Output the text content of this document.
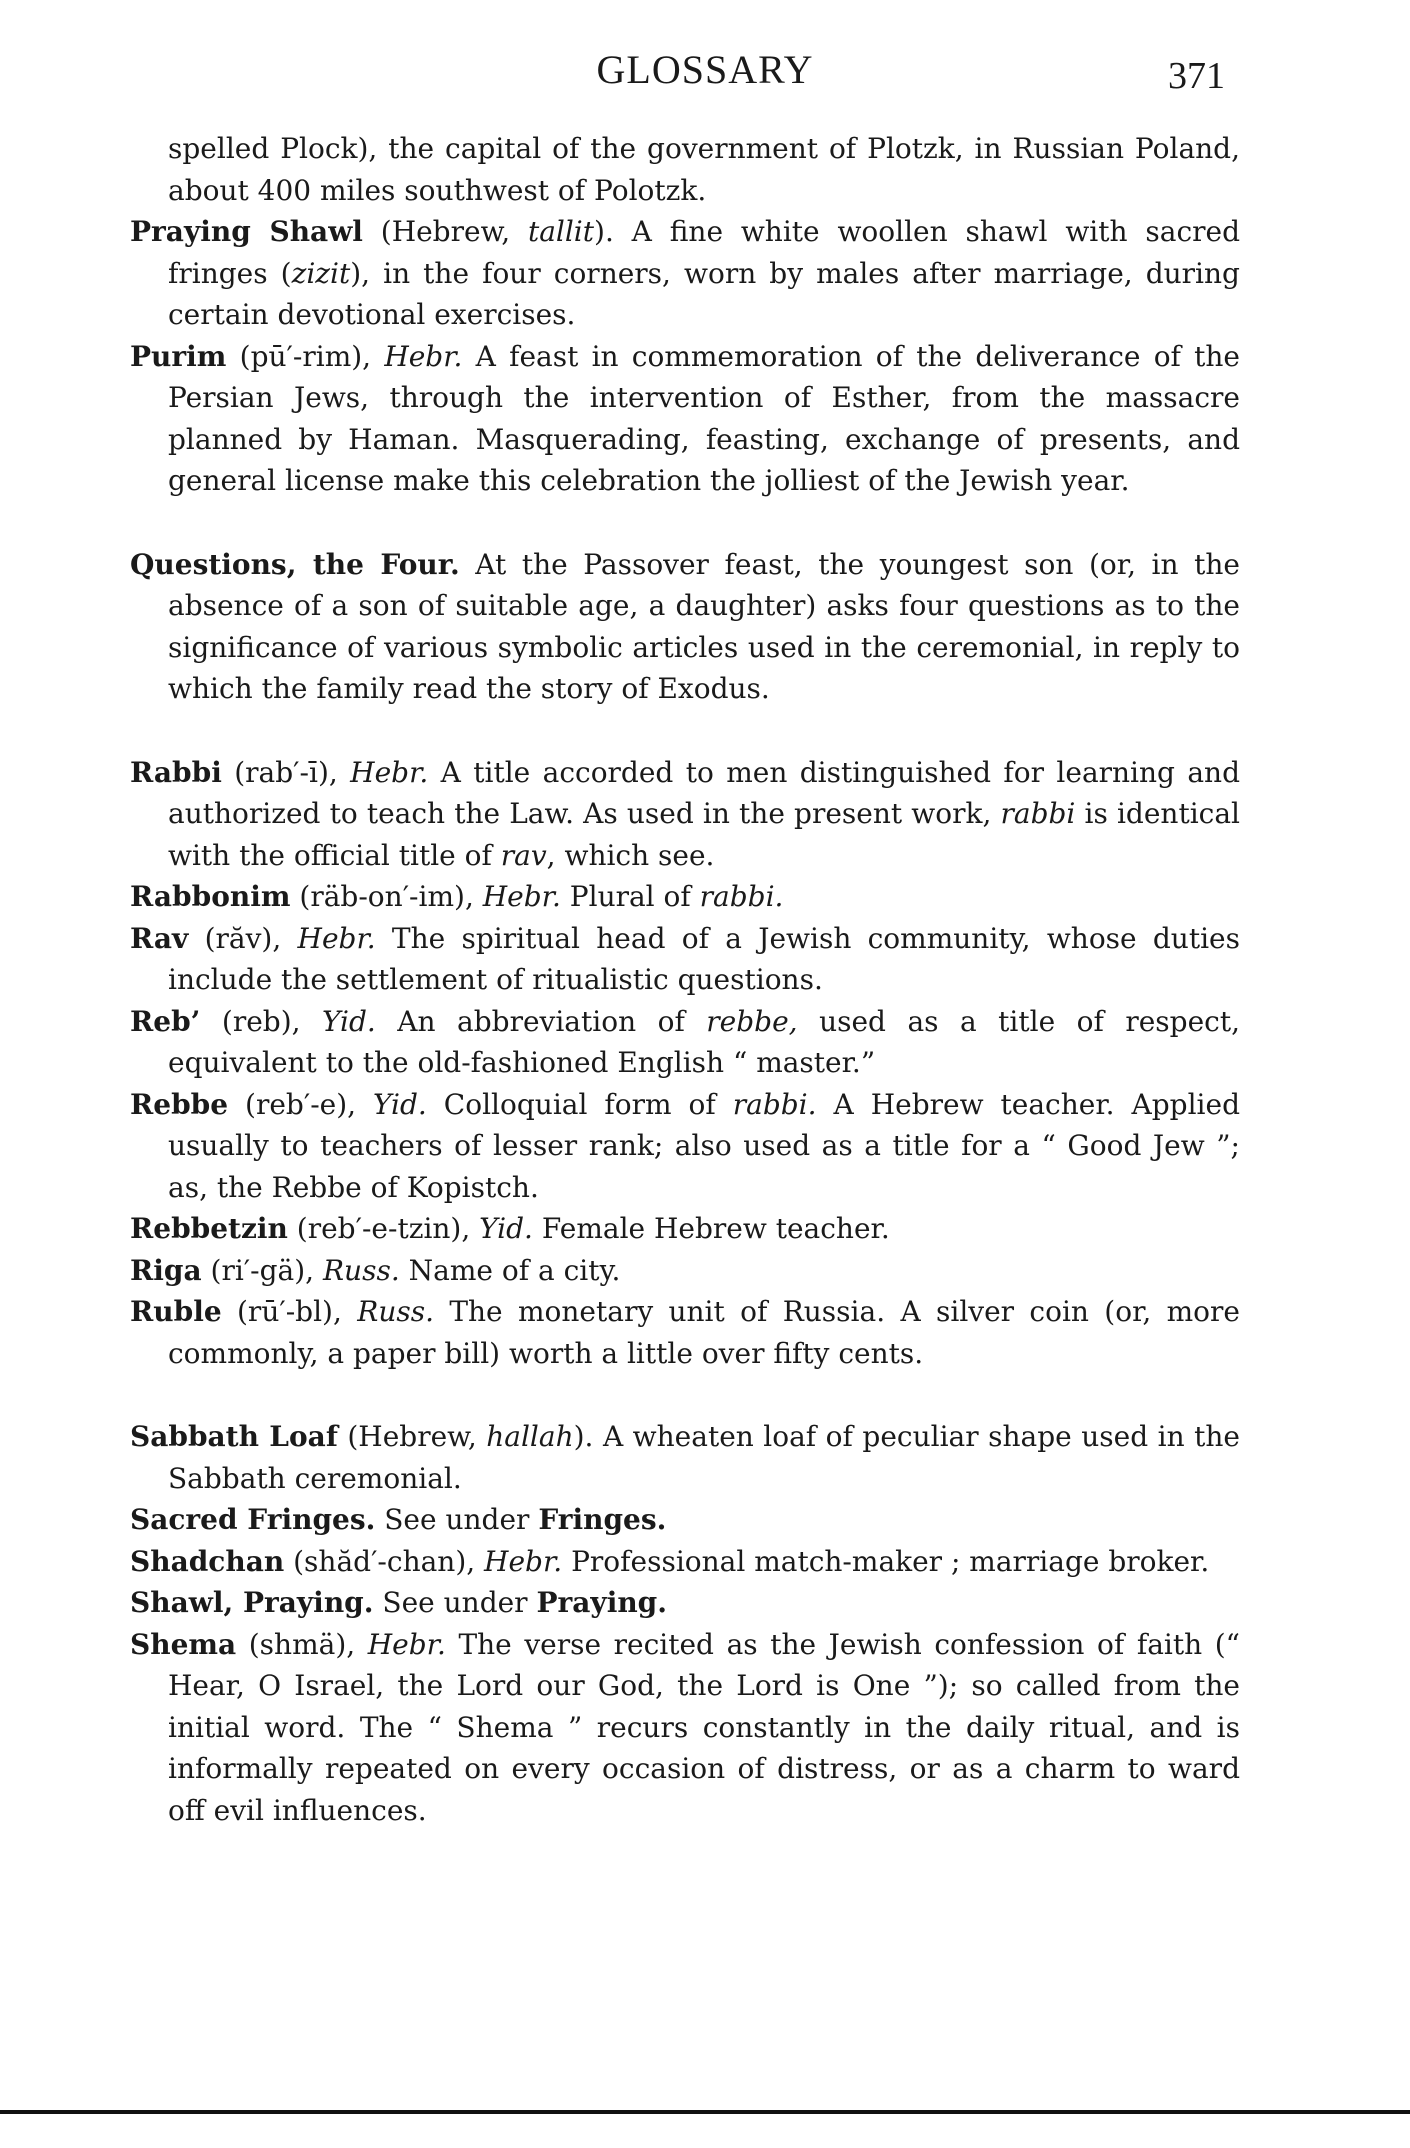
GLOSSARY	371

spelled Plock), the capital of the government of Plotzk, in Russian Poland, about 400 miles southwest of Polotzk.

Praying Shawl (Hebrew, tallit). A fine white woollen shawl with sacred fringes (zizit), in the four corners, worn by males after marriage, during certain devotional exercises.

Purim (pū′-rim), Hebr. A feast in commemoration of the deliverance of the Persian Jews, through the intervention of Esther, from the massacre planned by Haman. Masquerading, feasting, exchange of presents, and general license make this celebration the jolliest of the Jewish year.

Questions, the Four. At the Passover feast, the youngest son (or, in the absence of a son of suitable age, a daughter) asks four questions as to the significance of various symbolic articles used in the ceremonial, in reply to which the family read the story of Exodus.

Rabbi (rab′-ī), Hebr. A title accorded to men distinguished for learning and authorized to teach the Law. As used in the present work, rabbi is identical with the official title of rav, which see.

Rabbonim (räb-on′-im), Hebr. Plural of rabbi.

Rav (răv), Hebr. The spiritual head of a Jewish community, whose duties include the settlement of ritualistic questions.

Reb’ (reb), Yid. An abbreviation of rebbe, used as a title of respect, equivalent to the old-fashioned English “ master.”

Rebbe (reb′-e), Yid. Colloquial form of rabbi. A Hebrew teacher. Applied usually to teachers of lesser rank; also used as a title for a “ Good Jew ”; as, the Rebbe of Kopistch.

Rebbetzin (reb′-e-tzin), Yid. Female Hebrew teacher.

Riga (ri′-gä), Russ. Name of a city.

Ruble (rū′-bl), Russ. The monetary unit of Russia. A silver coin (or, more commonly, a paper bill) worth a little over fifty cents.

Sabbath Loaf (Hebrew, hallah). A wheaten loaf of peculiar shape used in the Sabbath ceremonial.

Sacred Fringes. See under Fringes.

Shadchan (shăd′-chan), Hebr. Professional match-maker ; marriage broker.

Shawl, Praying. See under Praying.

Shema (shmä), Hebr. The verse recited as the Jewish confession of faith (“ Hear, O Israel, the Lord our God, the Lord is One ”); so called from the initial word. The “ Shema ” recurs constantly in the daily ritual, and is informally repeated on every occasion of distress, or as a charm to ward off evil influences.
